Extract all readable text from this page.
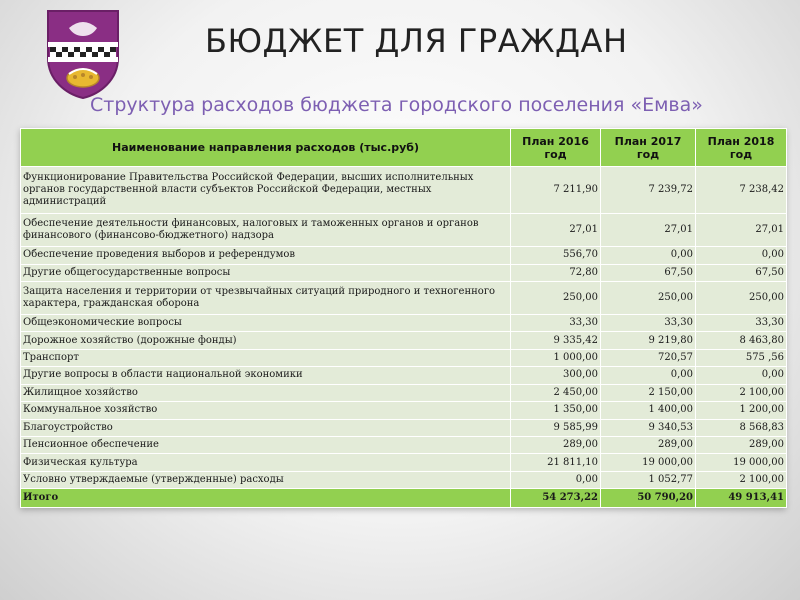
БЮДЖЕТ ДЛЯ ГРАЖДАН
Структура расходов бюджета городского поселения «Емва»
Наименование направления расходов (тыс.руб)	План 2016 год	План 2017 год	План 2018 год
Функционирование Правительства Российской Федерации, высших исполнительных органов государственной власти субъектов Российской Федерации, местных администраций	7 211,90	7 239,72	7 238,42
Обеспечение деятельности финансовых, налоговых и таможенных органов и органов финансового (финансово-бюджетного) надзора	27,01	27,01	27,01
Обеспечение проведения выборов и референдумов	556,70	0,00	0,00
Другие общегосударственные вопросы	72,80	67,50	67,50
Защита населения и территории от чрезвычайных ситуаций природного и техногенного характера, гражданская оборона	250,00	250,00	250,00
Общеэкономические вопросы	33,30	33,30	33,30
Дорожное хозяйство (дорожные фонды)	9 335,42	9 219,80	8 463,80
Транспорт	1 000,00	720,57	575 ,56
Другие вопросы в области национальной экономики	300,00	0,00	0,00
Жилищное хозяйство	2 450,00	2 150,00	2 100,00
Коммунальное хозяйство	1 350,00	1 400,00	1 200,00
Благоустройство	9 585,99	9 340,53	8 568,83
Пенсионное обеспечение	289,00	289,00	289,00
Физическая культура	21 811,10	19 000,00	19 000,00
Условно утверждаемые (утвержденные) расходы	0,00	1 052,77	2 100,00
Итого	54 273,22	50 790,20	49 913,41
